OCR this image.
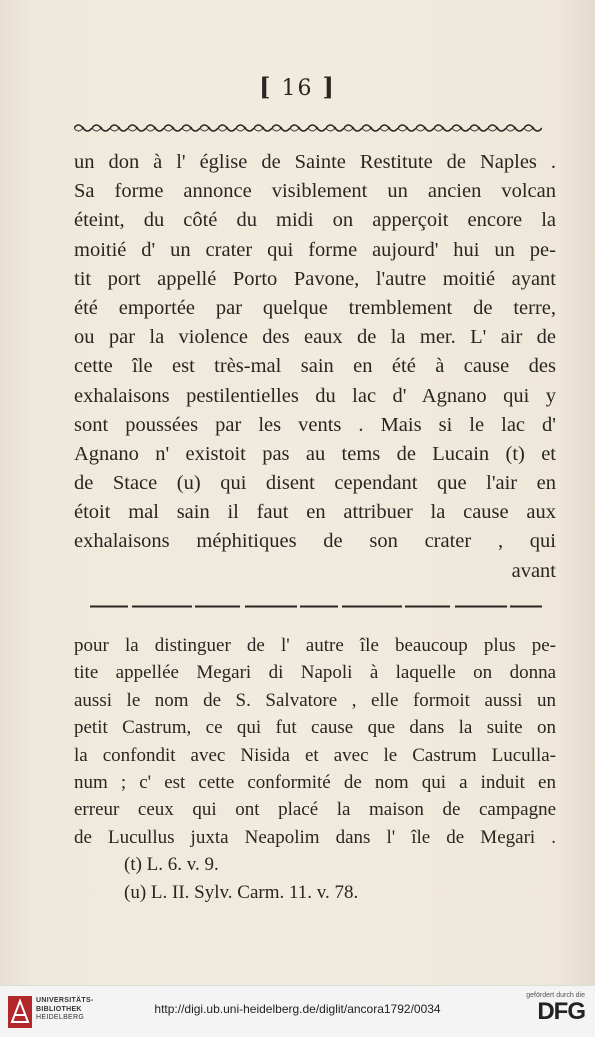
[ 16 ]
un don à l' église de Sainte Restitute de Naples .
Sa forme annonce visiblement un ancien volcan
éteint, du côté du midi on apperçoit encore la
moitié d' un crater qui forme aujourd' hui un pe-
tit port appellé Porto Pavone, l'autre moitié ayant
été emportée par quelque tremblement de terre,
ou par la violence des eaux de la mer. L' air de
cette île est très-mal sain en été à cause des
exhalaisons pestilentielles du lac d' Agnano qui y
sont poussées par les vents . Mais si le lac d'
Agnano n' existoit pas au tems de Lucain (t) et
de Stace (u) qui disent cependant que l'air en
étoit mal sain il faut en attribuer la cause aux
exhalaisons méphitiques de son crater , qui
avant
pour la distinguer de l' autre île beaucoup plus pe-
tite appellée Megari di Napoli à laquelle on donna
aussi le nom de S. Salvatore , elle formoit aussi un
petit Castrum, ce qui fut cause que dans la suite on
la confondit avec Nisida et avec le Castrum Luculla-
num ; c' est cette conformité de nom qui a induit en
erreur ceux qui ont placé la maison de campagne
de Lucullus juxta Neapolim dans l' île de Megari .
(t) L. 6. v. 9.
(u) L. II. Sylv. Carm. 11. v. 78.
UNIVERSITÄTS-
BIBLIOTHEK
HEIDELBERG
http://digi.ub.uni-heidelberg.de/diglit/ancora1792/0034
gefördert durch die
DFG
